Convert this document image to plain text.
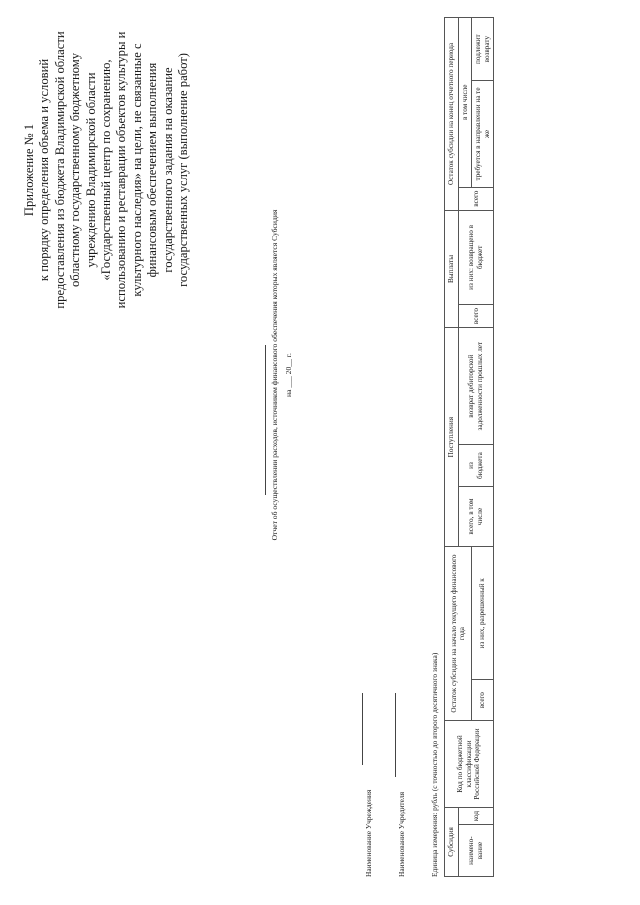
Приложение № 1 к порядку определения объема и условий предоставления из бюджета Владимирской области областному государственному бюджетному учреждению Владимирской области «Государственный центр по сохранению, использованию и реставрации объектов культуры и культурного наследия» на цели, не связанные с финансовым обеспечением выполнения государственного задания на оказание государственных услуг (выполнение работ)
Отчет об осуществлении расходов, источником финансового обеспечения которых является Субсидия на ___ 20__ г.
Наименование Учреждения	Наименование Учредителя	Единица измерения: рубль (с точностью до второго десятичного знака) Субсидия		Код по бюджетной классификации Российской Федерации	Остаток субсидии на начало текущего финансового года		Поступления			Выплаты		Остаток субсидии на конец отчетного периода		
наимено-вание	код				всего, в том числе	из бюджета	возврат дебиторской задолженности прошлых лет	всего	из них: возвращено в бюджет	всего	в том числе	
			всего	из них, разрешенный к							требуется в направлении на те же	подлежит возврату
